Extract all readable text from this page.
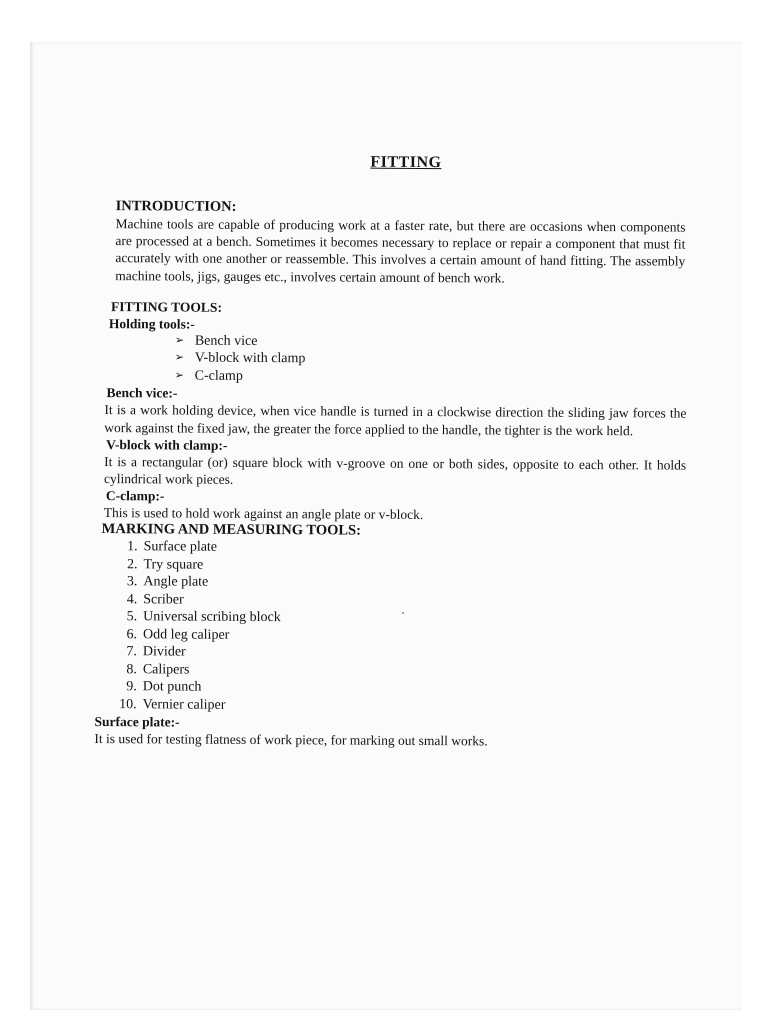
FITTING
INTRODUCTION:

Machine tools are capable of producing work at a faster rate, but there are occasions when components are processed at a bench. Sometimes it becomes necessary to replace or repair a component that must fit accurately with one another or reassemble. This involves a certain amount of hand fitting. The assembly machine tools, jigs, gauges etc., involves certain amount of bench work.

FITTING TOOLS:
Holding tools:-
➢ Bench vice
➢ V-block with clamp
➢ C-clamp
Bench vice:-

It is a work holding device, when vice handle is turned in a clockwise direction the sliding jaw forces the work against the fixed jaw, the greater the force applied to the handle, the tighter is the work held.

V-block with clamp:-

It is a rectangular (or) square block with v-groove on one or both sides, opposite to each other. It holds cylindrical work pieces.

C-clamp:-

This is used to hold work against an angle plate or v-block.

MARKING AND MEASURING TOOLS:
1. Surface plate
2. Try square
3. Angle plate
4. Scriber
5. Universal scribing block
6. Odd leg caliper
7. Divider
8. Calipers
9. Dot punch
10. Vernier caliper
Surface plate:-

It is used for testing flatness of work piece, for marking out small works.
